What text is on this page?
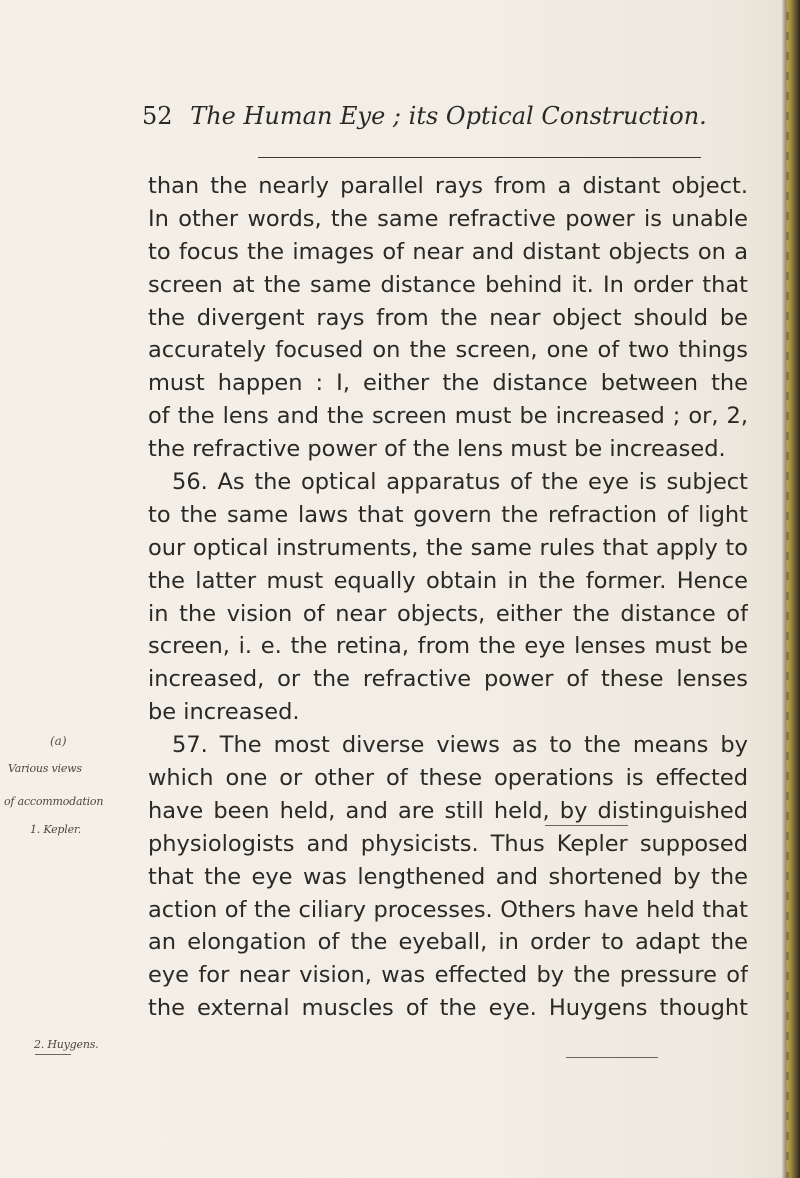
52 The Human Eye ; its Optical Construction.
than the nearly parallel rays from a distant object.
In other words, the same refractive power is unable
to focus the images of near and distant objects on a
screen at the same distance behind it. In order that
the divergent rays from the near object should be
accurately focused on the screen, one of two things
must happen : I, either the distance between the
of the lens and the screen must be increased ; or, 2,
the refractive power of the lens must be increased.
56. As the optical apparatus of the eye is subject
to the same laws that govern the refraction of light
our optical instruments, the same rules that apply to
the latter must equally obtain in the former. Hence
in the vision of near objects, either the distance of
screen, i. e. the retina, from the eye lenses must be
increased, or the refractive power of these lenses
be increased.
57. The most diverse views as to the means by
which one or other of these operations is effected
have been held, and are still held, by distinguished
physiologists and physicists. Thus Kepler supposed
that the eye was lengthened and shortened by the
action of the ciliary processes. Others have held that
an elongation of the eyeball, in order to adapt the
eye for near vision, was effected by the pressure of
the external muscles of the eye. Huygens thought
(a)
Various views
of accommodation
1. Kepler.
2. Huygens.
